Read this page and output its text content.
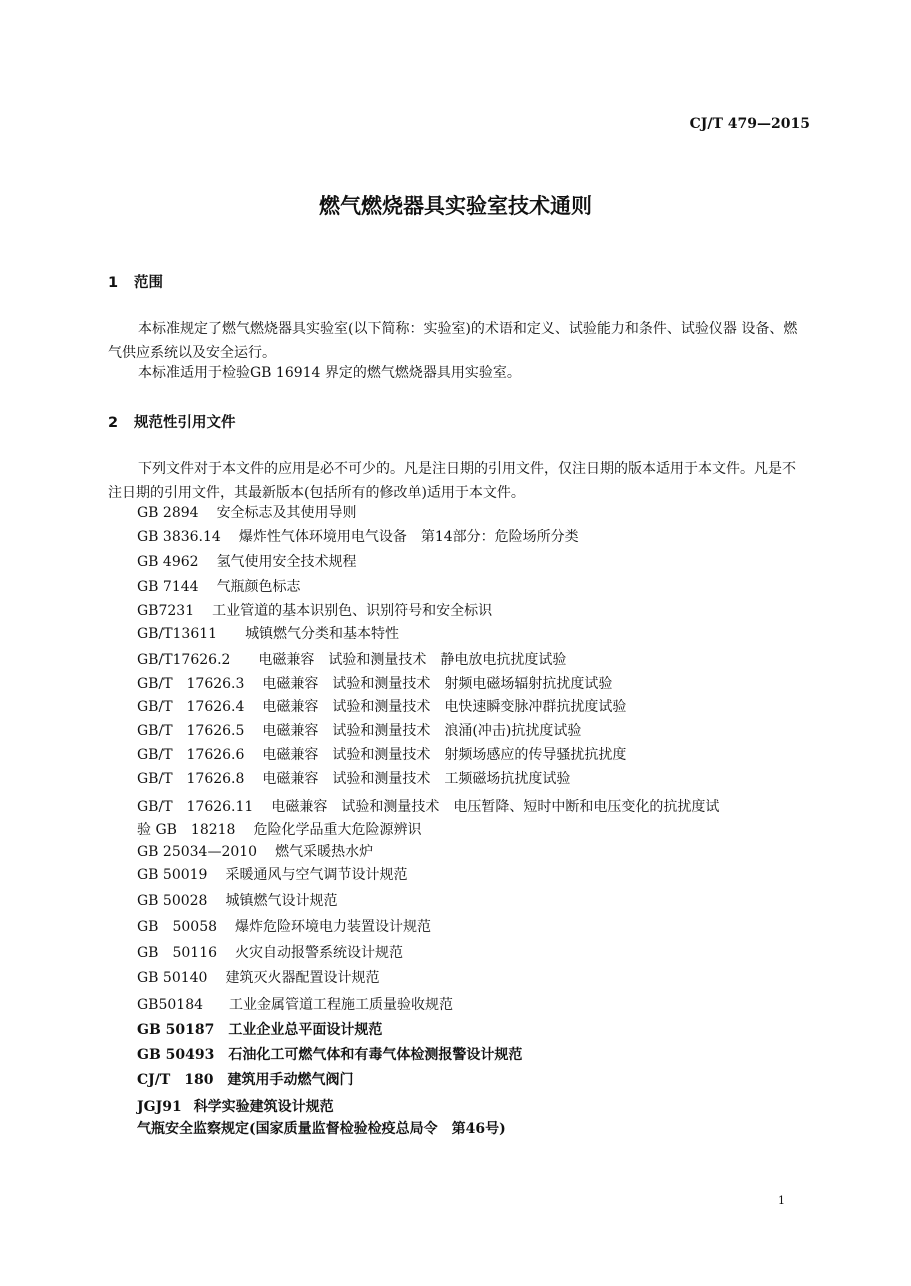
CJ/T 479—2015
燃气燃烧器具实验室技术通则
1 范围
本标准规定了燃气燃烧器具实验室(以下简称：实验室)的术语和定义、试验能力和条件、试验仪器 设备、燃气供应系统以及安全运行。
本标准适用于检验GB 16914 界定的燃气燃烧器具用实验室。
2 规范性引用文件
下列文件对于本文件的应用是必不可少的。凡是注日期的引用文件，仅注日期的版本适用于本文件。凡是不注日期的引用文件，其最新版本(包括所有的修改单)适用于本文件。
GB 2894 安全标志及其使用导则
GB 3836.14 爆炸性气体环境用电气设备　第14部分：危险场所分类
GB 4962 氢气使用安全技术规程
GB 7144 气瓶颜色标志
GB7231 工业管道的基本识别色、识别符号和安全标识
GB/T13611 城镇燃气分类和基本特性
GB/T17626.2 电磁兼容　试验和测量技术　静电放电抗扰度试验
GB/T　17626.3 电磁兼容　试验和测量技术　射频电磁场辐射抗扰度试验
GB/T　17626.4 电磁兼容　试验和测量技术　电快速瞬变脉冲群抗扰度试验
GB/T　17626.5 电磁兼容　试验和测量技术　浪涌(冲击)抗扰度试验
GB/T　17626.6 电磁兼容　试验和测量技术　射频场感应的传导骚扰抗扰度
GB/T　17626.8 电磁兼容　试验和测量技术　工频磁场抗扰度试验
GB/T　17626.11 电磁兼容　试验和测量技术　电压暂降、短时中断和电压变化的抗扰度试
验 GB　18218 危险化学品重大危险源辨识
GB 25034—2010 燃气采暖热水炉
GB 50019 采暖通风与空气调节设计规范
GB 50028 城镇燃气设计规范
GB　50058 爆炸危险环境电力装置设计规范
GB　50116 火灾自动报警系统设计规范
GB 50140 建筑灭火器配置设计规范
GB50184 工业金属管道工程施工质量验收规范
GB 50187 工业企业总平面设计规范
GB 50493 石油化工可燃气体和有毒气体检测报警设计规范
CJ/T　180 建筑用手动燃气阀门
JGJ91 科学实验建筑设计规范
气瓶安全监察规定(国家质量监督检验检疫总局令　第46号)
1
